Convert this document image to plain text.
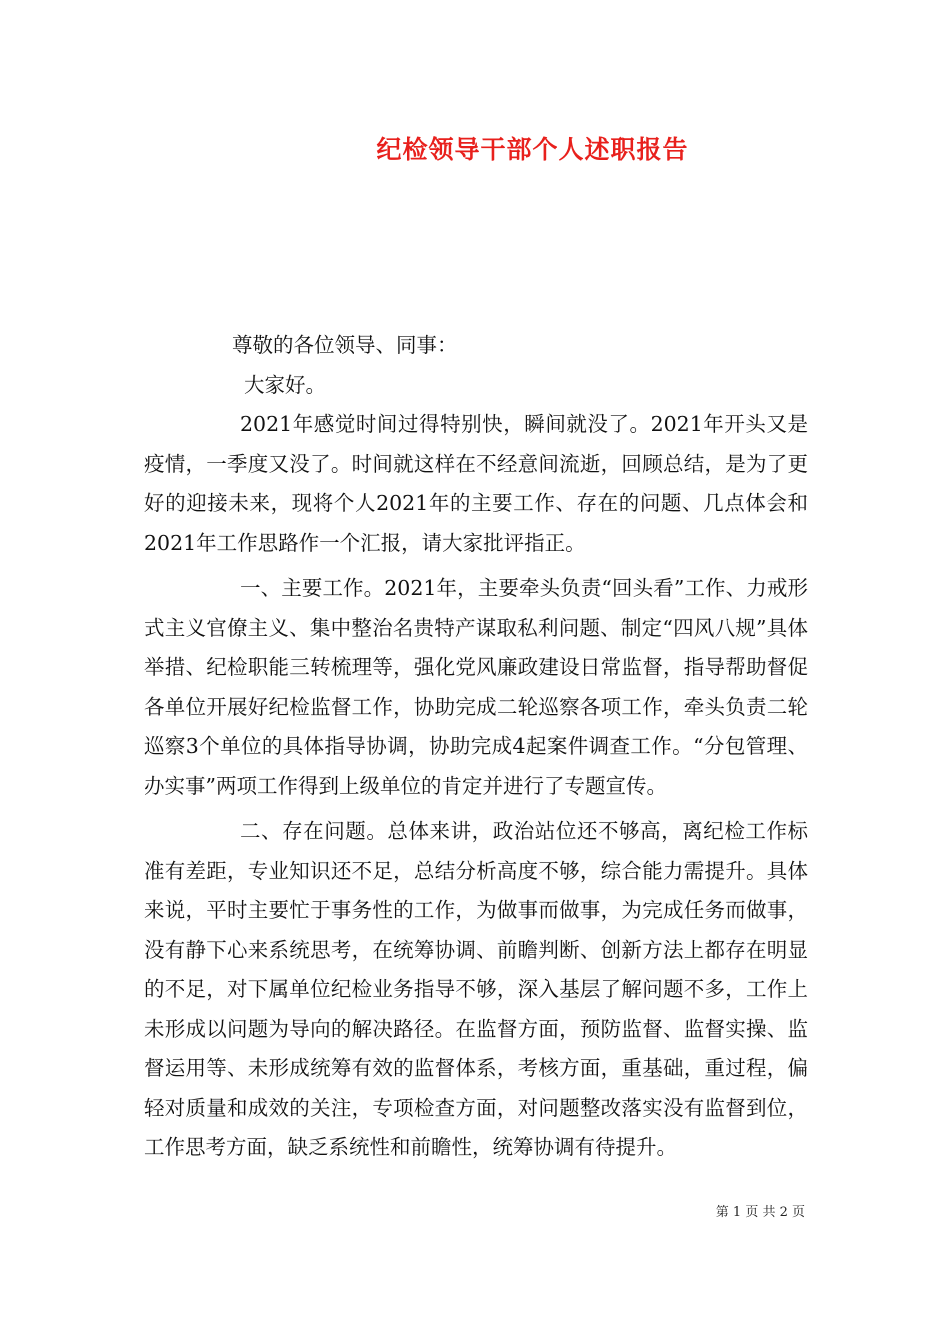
纪检领导干部个人述职报告

尊敬的各位领导、同事：

大家好。

2021年感觉时间过得特别快，瞬间就没了。2021年开头又是疫情，一季度又没了。时间就这样在不经意间流逝，回顾总结，是为了更好的迎接未来，现将个人2021年的主要工作、存在的问题、几点体会和2021年工作思路作一个汇报，请大家批评指正。

一、主要工作。2021年，主要牵头负责“回头看”工作、力戒形式主义官僚主义、集中整治名贵特产谋取私利问题、制定“四风八规”具体举措、纪检职能三转梳理等，强化党风廉政建设日常监督，指导帮助督促各单位开展好纪检监督工作，协助完成二轮巡察各项工作，牵头负责二轮巡察3个单位的具体指导协调，协助完成4起案件调查工作。“分包管理、办实事”两项工作得到上级单位的肯定并进行了专题宣传。

二、存在问题。总体来讲，政治站位还不够高，离纪检工作标准有差距，专业知识还不足，总结分析高度不够，综合能力需提升。具体来说，平时主要忙于事务性的工作，为做事而做事，为完成任务而做事，没有静下心来系统思考，在统筹协调、前瞻判断、创新方法上都存在明显的不足，对下属单位纪检业务指导不够，深入基层了解问题不多，工作上未形成以问题为导向的解决路径。在监督方面，预防监督、监督实操、监督运用等、未形成统筹有效的监督体系，考核方面，重基础，重过程，偏轻对质量和成效的关注，专项检查方面，对问题整改落实没有监督到位，工作思考方面，缺乏系统性和前瞻性，统筹协调有待提升。

第 1 页 共 2 页
